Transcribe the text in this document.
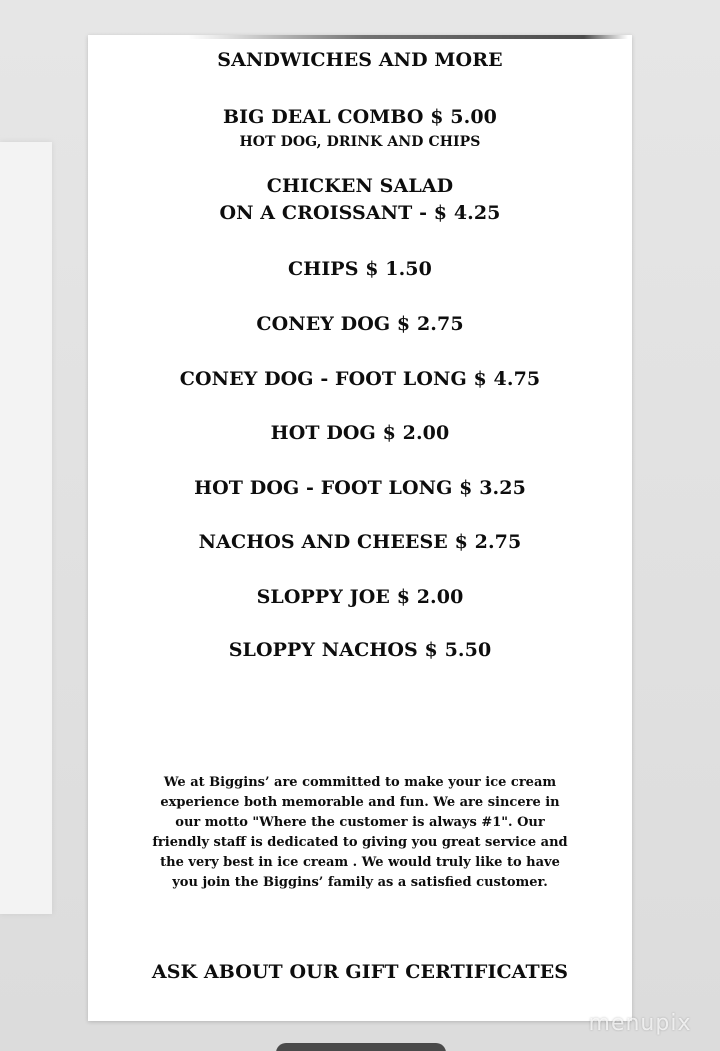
SANDWICHES AND MORE
BIG DEAL COMBO $ 5.00
HOT DOG, DRINK AND CHIPS
CHICKEN SALAD
ON A CROISSANT - $ 4.25
CHIPS $ 1.50
CONEY DOG $ 2.75
CONEY DOG - FOOT LONG $ 4.75
HOT DOG $ 2.00
HOT DOG - FOOT LONG $ 3.25
NACHOS AND CHEESE $ 2.75
SLOPPY JOE $ 2.00
SLOPPY NACHOS $ 5.50
We at Biggins’ are committed to make your ice cream
experience both memorable and fun. We are sincere in
our motto "Where the customer is always #1". Our
friendly staff is dedicated to giving you great service and
the very best in ice cream . We would truly like to have
you join the Biggins’ family as a satisfied customer.
ASK ABOUT OUR GIFT CERTIFICATES
menupix
